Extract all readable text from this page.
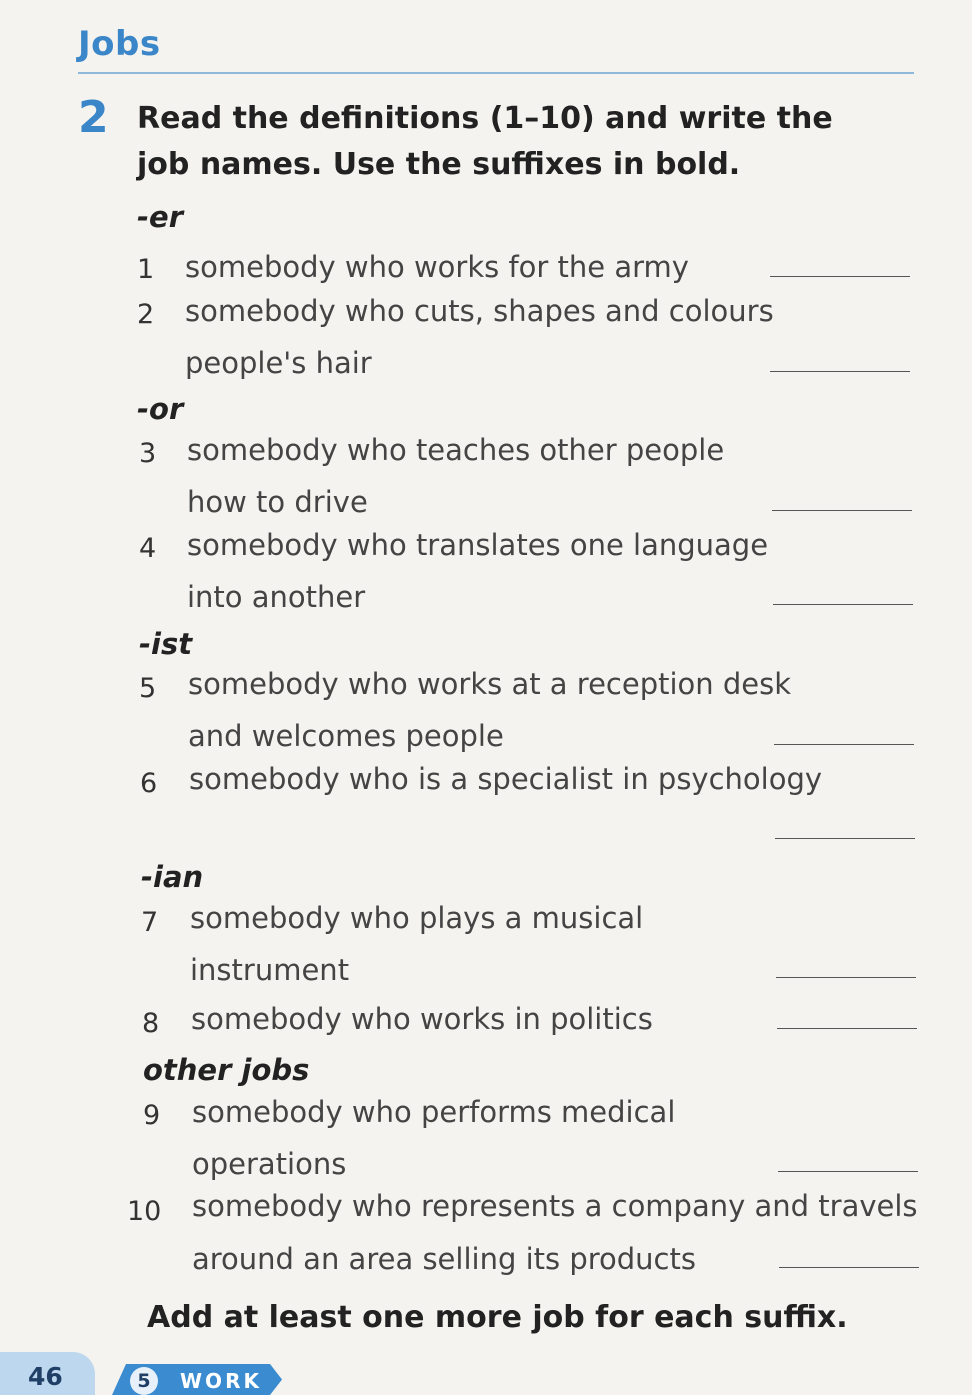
Jobs
2 Read the definitions (1–10) and write the job names. Use the suffixes in bold.
-er
1 somebody who works for the army
2 somebody who cuts, shapes and colours
people's hair
-or
3 somebody who teaches other people
how to drive
4 somebody who translates one language
into another
-ist
5 somebody who works at a reception desk
and welcomes people
6 somebody who is a specialist in psychology
-ian
7 somebody who plays a musical
instrument
8 somebody who works in politics
other jobs
9 somebody who performs medical
operations
10 somebody who represents a company and travels
around an area selling its products
Add at least one more job for each suffix.
46	5	WORK
